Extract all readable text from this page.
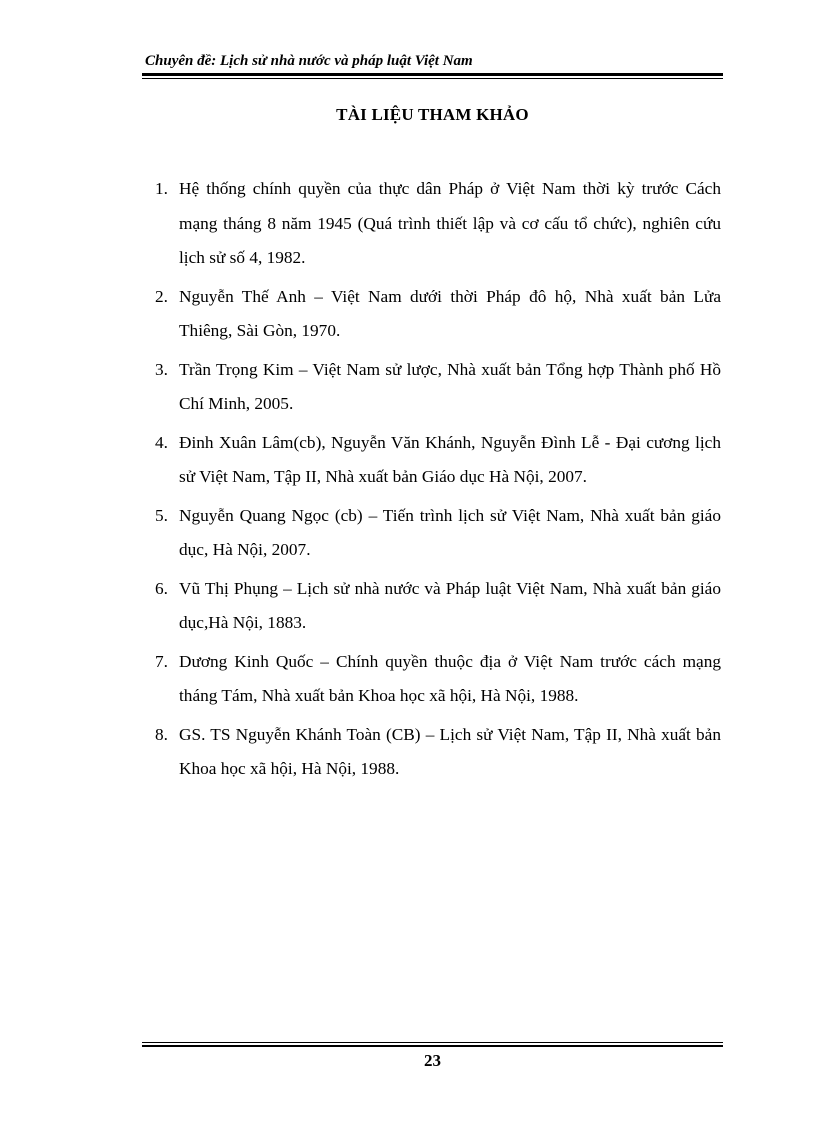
Chuyên đề: Lịch sử nhà nước và pháp luật Việt Nam
TÀI LIỆU THAM KHẢO
1. Hệ thống chính quyền của thực dân Pháp ở Việt Nam thời kỳ trước Cách mạng tháng 8 năm 1945 (Quá trình thiết lập và cơ cấu tổ chức), nghiên cứu lịch sử số 4, 1982.
2. Nguyễn Thế Anh – Việt Nam dưới thời Pháp đô hộ, Nhà xuất bản Lửa Thiêng, Sài Gòn, 1970.
3. Trần Trọng Kim – Việt Nam sử lược, Nhà xuất bản Tổng hợp Thành phố Hồ Chí Minh, 2005.
4. Đinh Xuân Lâm(cb), Nguyễn Văn Khánh, Nguyễn Đình Lễ - Đại cương lịch sử Việt Nam, Tập II, Nhà xuất bản Giáo dục Hà Nội, 2007.
5. Nguyễn Quang Ngọc (cb) – Tiến trình lịch sử Việt Nam, Nhà xuất bản giáo dục, Hà Nội, 2007.
6. Vũ Thị Phụng – Lịch sử nhà nước và Pháp luật Việt Nam, Nhà xuất bản giáo dục,Hà Nội, 1883.
7. Dương Kinh Quốc – Chính quyền thuộc địa ở Việt Nam trước cách mạng tháng Tám, Nhà xuất bản Khoa học xã hội, Hà Nội, 1988.
8. GS. TS Nguyễn Khánh Toàn (CB) – Lịch sử Việt Nam, Tập II, Nhà xuất bản Khoa học xã hội, Hà Nội, 1988.
23
